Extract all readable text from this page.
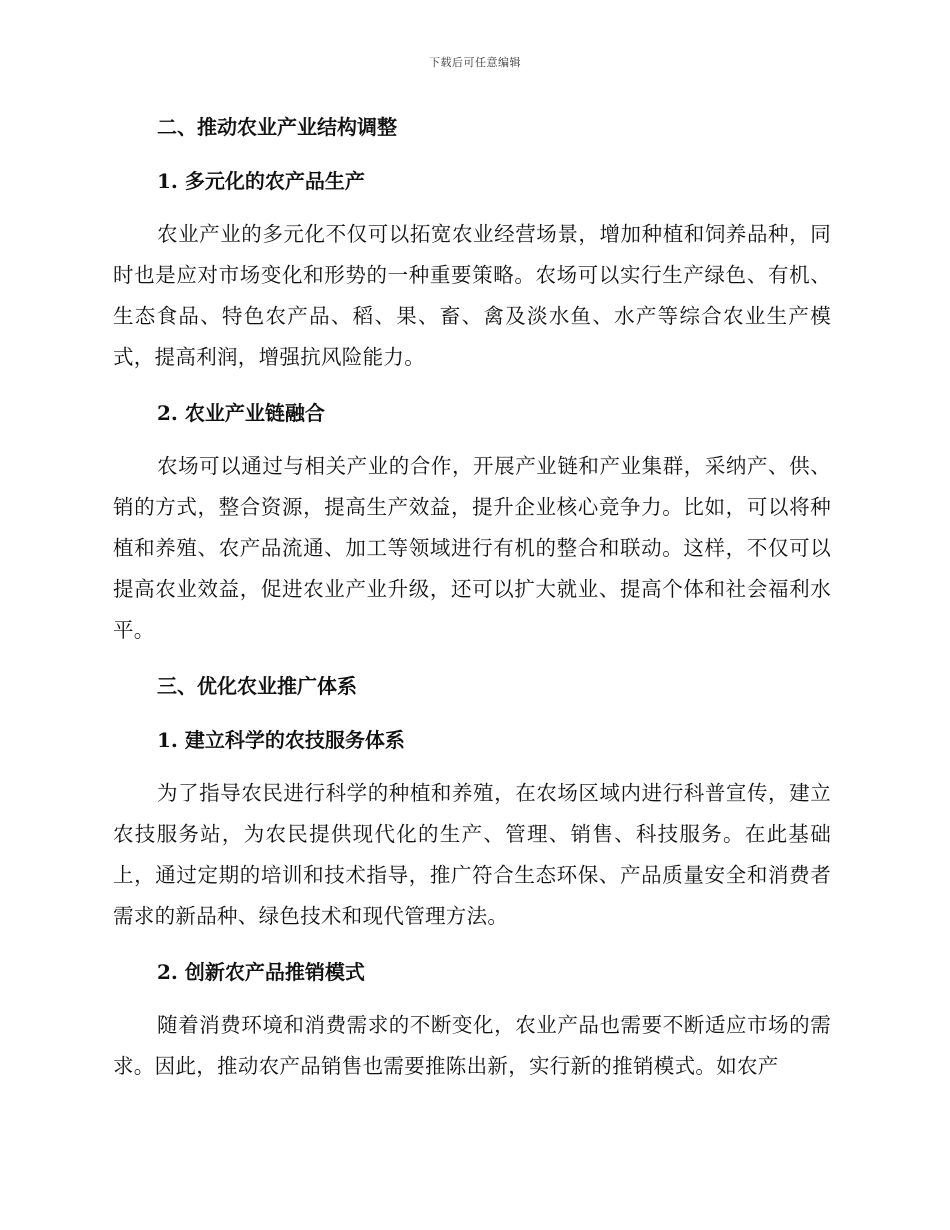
下载后可任意编辑
二、推动农业产业结构调整
1. 多元化的农产品生产

农业产业的多元化不仅可以拓宽农业经营场景，增加种植和饲养品种，同时也是应对市场变化和形势的一种重要策略。农场可以实行生产绿色、有机、生态食品、特色农产品、稻、果、畜、禽及淡水鱼、水产等综合农业生产模式，提高利润，增强抗风险能力。

2. 农业产业链融合

农场可以通过与相关产业的合作，开展产业链和产业集群，采纳产、供、销的方式，整合资源，提高生产效益，提升企业核心竞争力。比如，可以将种植和养殖、农产品流通、加工等领域进行有机的整合和联动。这样，不仅可以提高农业效益，促进农业产业升级，还可以扩大就业、提高个体和社会福利水平。

三、优化农业推广体系
1. 建立科学的农技服务体系

为了指导农民进行科学的种植和养殖，在农场区域内进行科普宣传，建立农技服务站，为农民提供现代化的生产、管理、销售、科技服务。在此基础上，通过定期的培训和技术指导，推广符合生态环保、产品质量安全和消费者需求的新品种、绿色技术和现代管理方法。

2. 创新农产品推销模式

随着消费环境和消费需求的不断变化，农业产品也需要不断适应市场的需求。因此，推动农产品销售也需要推陈出新，实行新的推销模式。如农产
